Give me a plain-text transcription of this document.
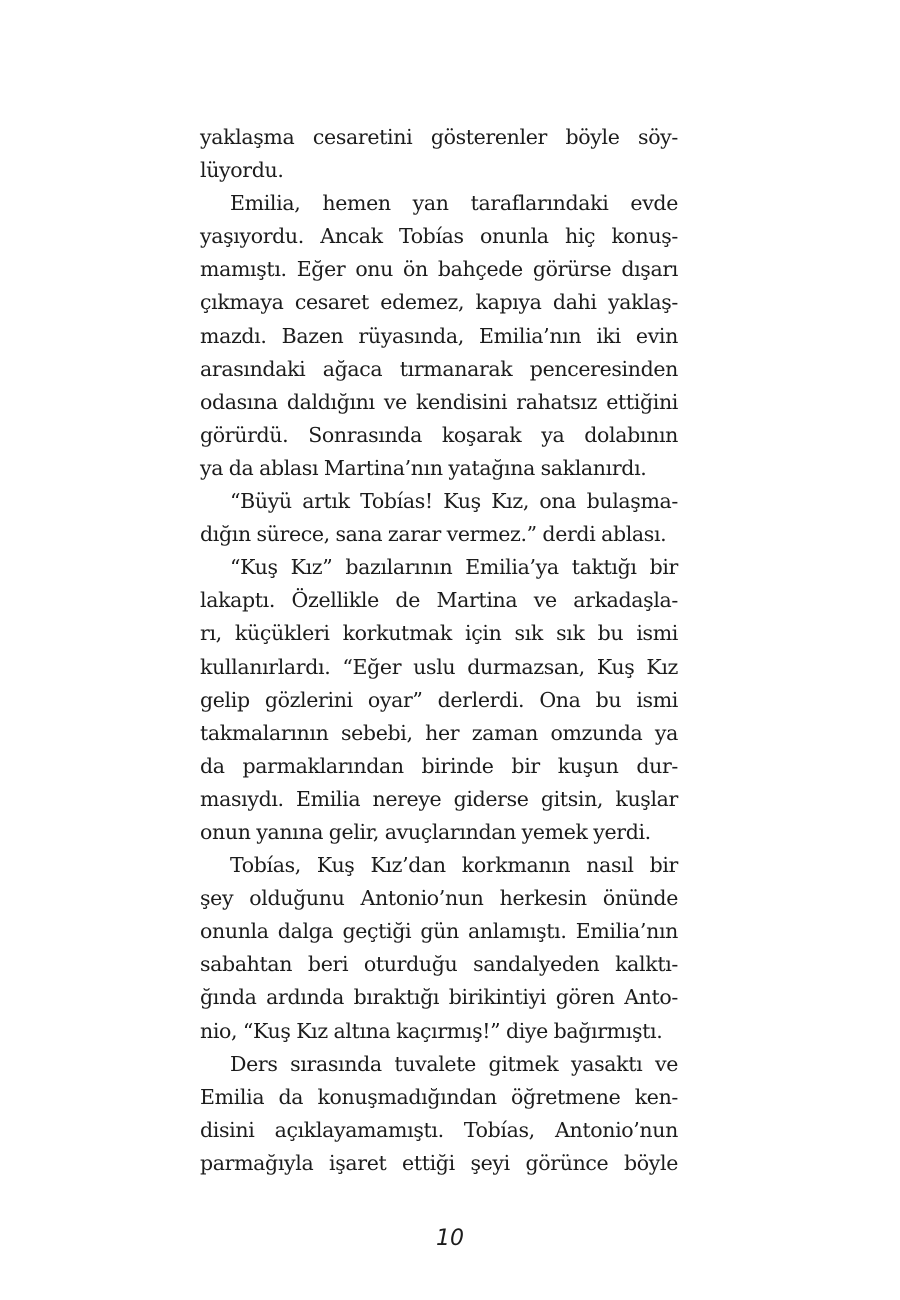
yaklaşma cesaretini gösterenler böyle söy-
lüyordu.
Emilia, hemen yan taraflarındaki evde
yaşıyordu. Ancak Tobías onunla hiç konuş-
mamıştı. Eğer onu ön bahçede görürse dışarı
çıkmaya cesaret edemez, kapıya dahi yaklaş-
mazdı. Bazen rüyasında, Emilia’nın iki evin
arasındaki ağaca tırmanarak penceresinden
odasına daldığını ve kendisini rahatsız ettiğini
görürdü. Sonrasında koşarak ya dolabının
ya da ablası Martina’nın yatağına saklanırdı.
“Büyü artık Tobías! Kuş Kız, ona bulaşma-
dığın sürece, sana zarar vermez.” derdi ablası.
“Kuş Kız” bazılarının Emilia’ya taktığı bir
lakaptı. Özellikle de Martina ve arkadaşla-
rı, küçükleri korkutmak için sık sık bu ismi
kullanırlardı. “Eğer uslu durmazsan, Kuş Kız
gelip gözlerini oyar” derlerdi. Ona bu ismi
takmalarının sebebi, her zaman omzunda ya
da parmaklarından birinde bir kuşun dur-
masıydı. Emilia nereye giderse gitsin, kuşlar
onun yanına gelir, avuçlarından yemek yerdi.
Tobías, Kuş Kız’dan korkmanın nasıl bir
şey olduğunu Antonio’nun herkesin önünde
onunla dalga geçtiği gün anlamıştı. Emilia’nın
sabahtan beri oturduğu sandalyeden kalktı-
ğında ardında bıraktığı birikintiyi gören Anto-
nio, “Kuş Kız altına kaçırmış!” diye bağırmıştı.
Ders sırasında tuvalete gitmek yasaktı ve
Emilia da konuşmadığından öğretmene ken-
disini açıklayamamıştı. Tobías, Antonio’nun
parmağıyla işaret ettiği şeyi görünce böyle
10
